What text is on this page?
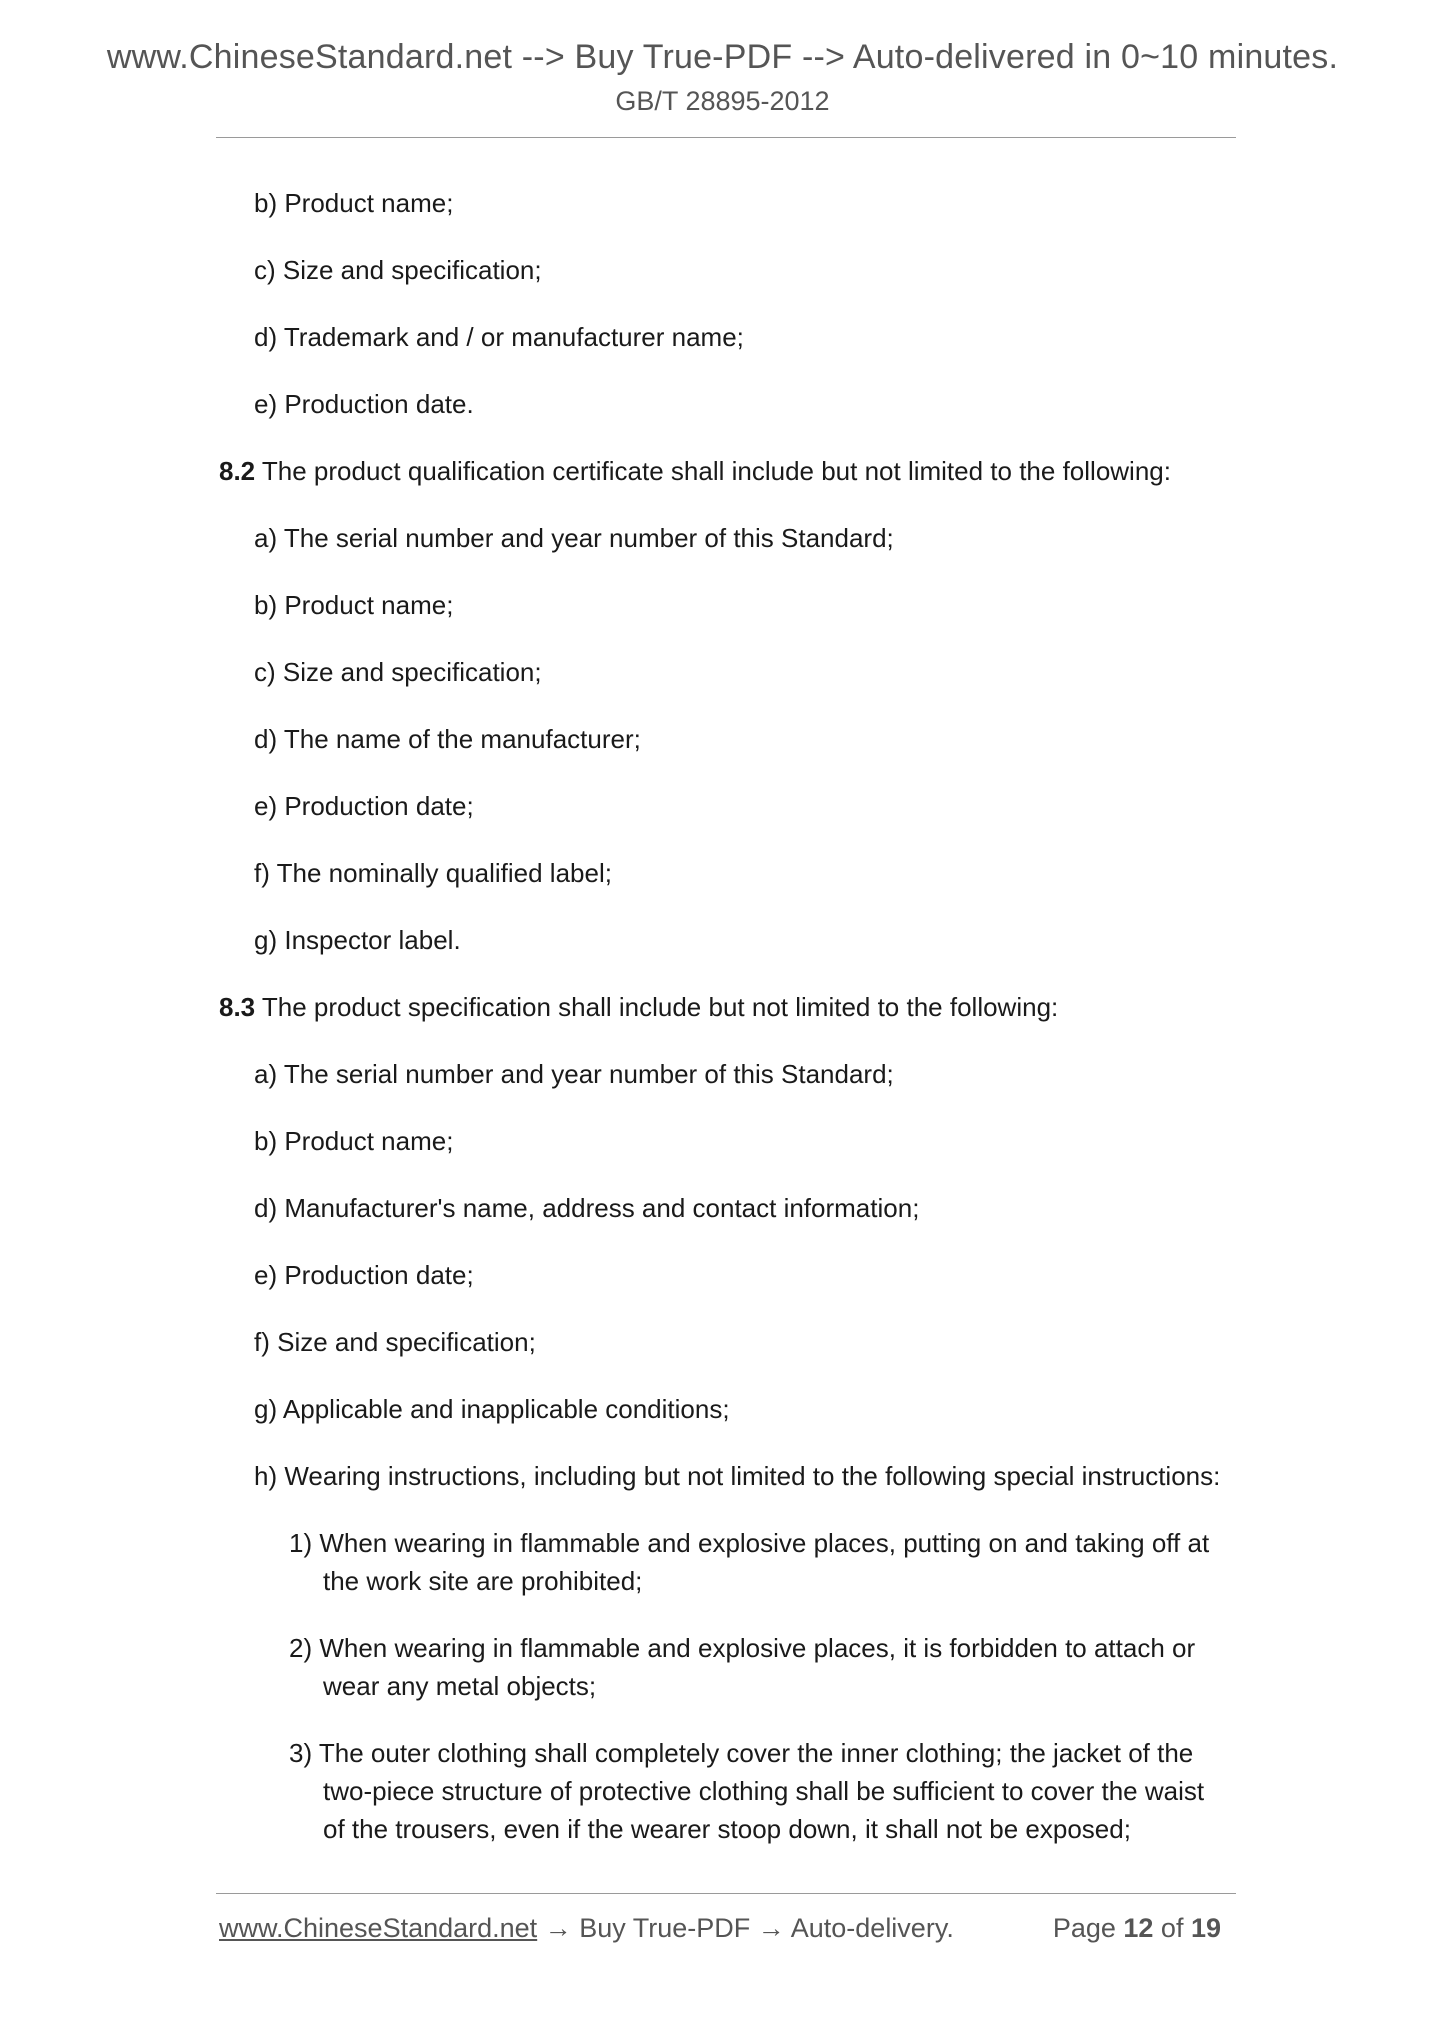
www.ChineseStandard.net --> Buy True-PDF --> Auto-delivered in 0~10 minutes.
GB/T 28895-2012
b) Product name;
c) Size and specification;
d) Trademark and / or manufacturer name;
e) Production date.
8.2 The product qualification certificate shall include but not limited to the following:
a) The serial number and year number of this Standard;
b) Product name;
c) Size and specification;
d) The name of the manufacturer;
e) Production date;
f) The nominally qualified label;
g) Inspector label.
8.3 The product specification shall include but not limited to the following:
a) The serial number and year number of this Standard;
b) Product name;
d) Manufacturer's name, address and contact information;
e) Production date;
f) Size and specification;
g) Applicable and inapplicable conditions;
h) Wearing instructions, including but not limited to the following special instructions:
1) When wearing in flammable and explosive places, putting on and taking off at
the work site are prohibited;
2) When wearing in flammable and explosive places, it is forbidden to attach or
wear any metal objects;
3) The outer clothing shall completely cover the inner clothing; the jacket of the
two-piece structure of protective clothing shall be sufficient to cover the waist
of the trousers, even if the wearer stoop down, it shall not be exposed;
www.ChineseStandard.net → Buy True-PDF → Auto-delivery.	Page 12 of 19
